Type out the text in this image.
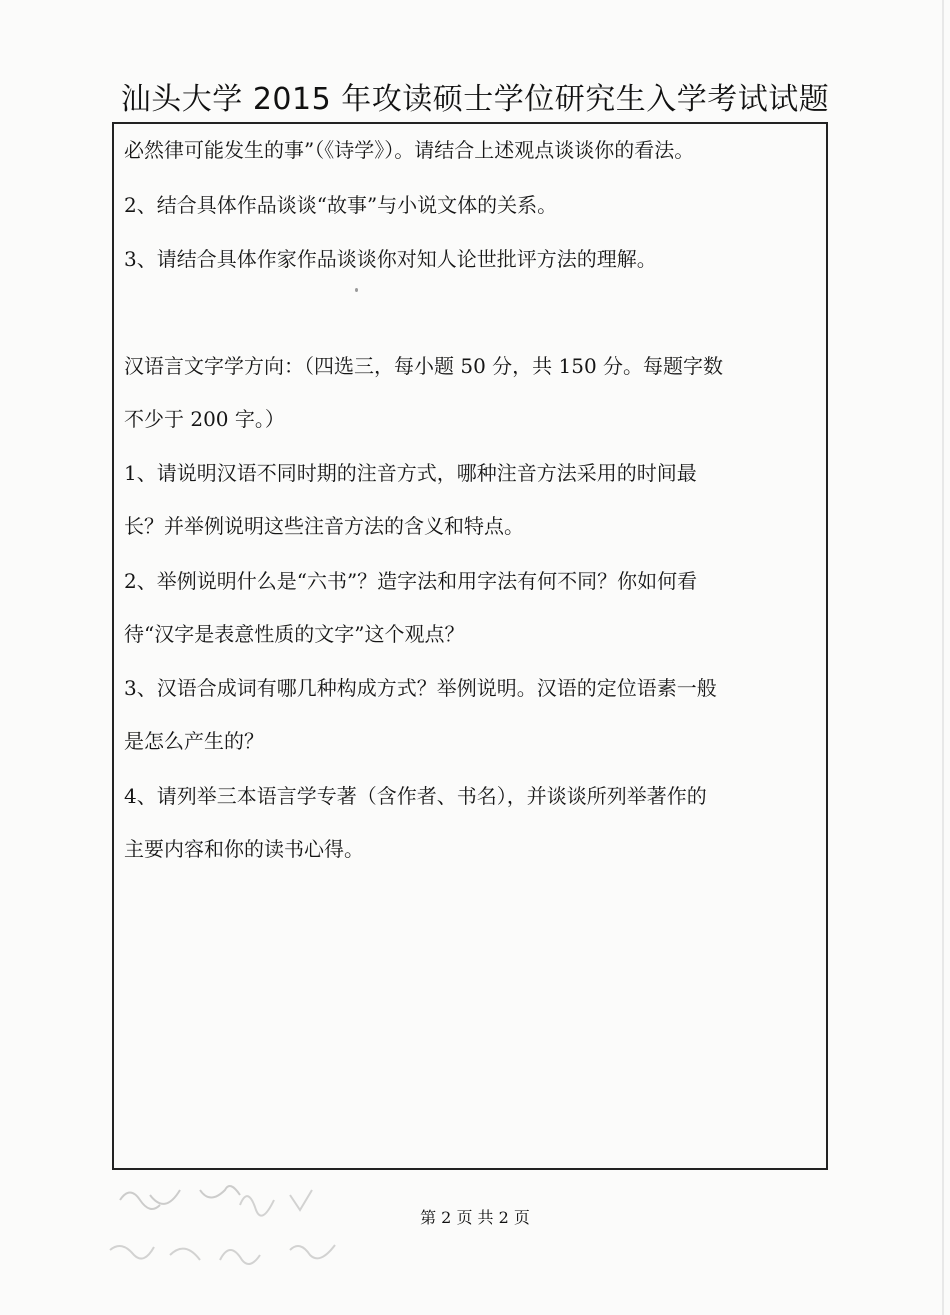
汕头大学 2015 年攻读硕士学位研究生入学考试试题
必然律可能发生的事”（《诗学》）。请结合上述观点谈谈你的看法。
2、结合具体作品谈谈“故事”与小说文体的关系。
3、请结合具体作家作品谈谈你对知人论世批评方法的理解。
汉语言文字学方向：（四选三，每小题 50 分，共 150 分。每题字数
不少于 200 字。）
1、请说明汉语不同时期的注音方式，哪种注音方法采用的时间最
长？并举例说明这些注音方法的含义和特点。
2、举例说明什么是“六书”？造字法和用字法有何不同？你如何看
待“汉字是表意性质的文字”这个观点？
3、汉语合成词有哪几种构成方式？举例说明。汉语的定位语素一般
是怎么产生的？
4、请列举三本语言学专著（含作者、书名），并谈谈所列举著作的
主要内容和你的读书心得。
第 2 页 共 2 页
